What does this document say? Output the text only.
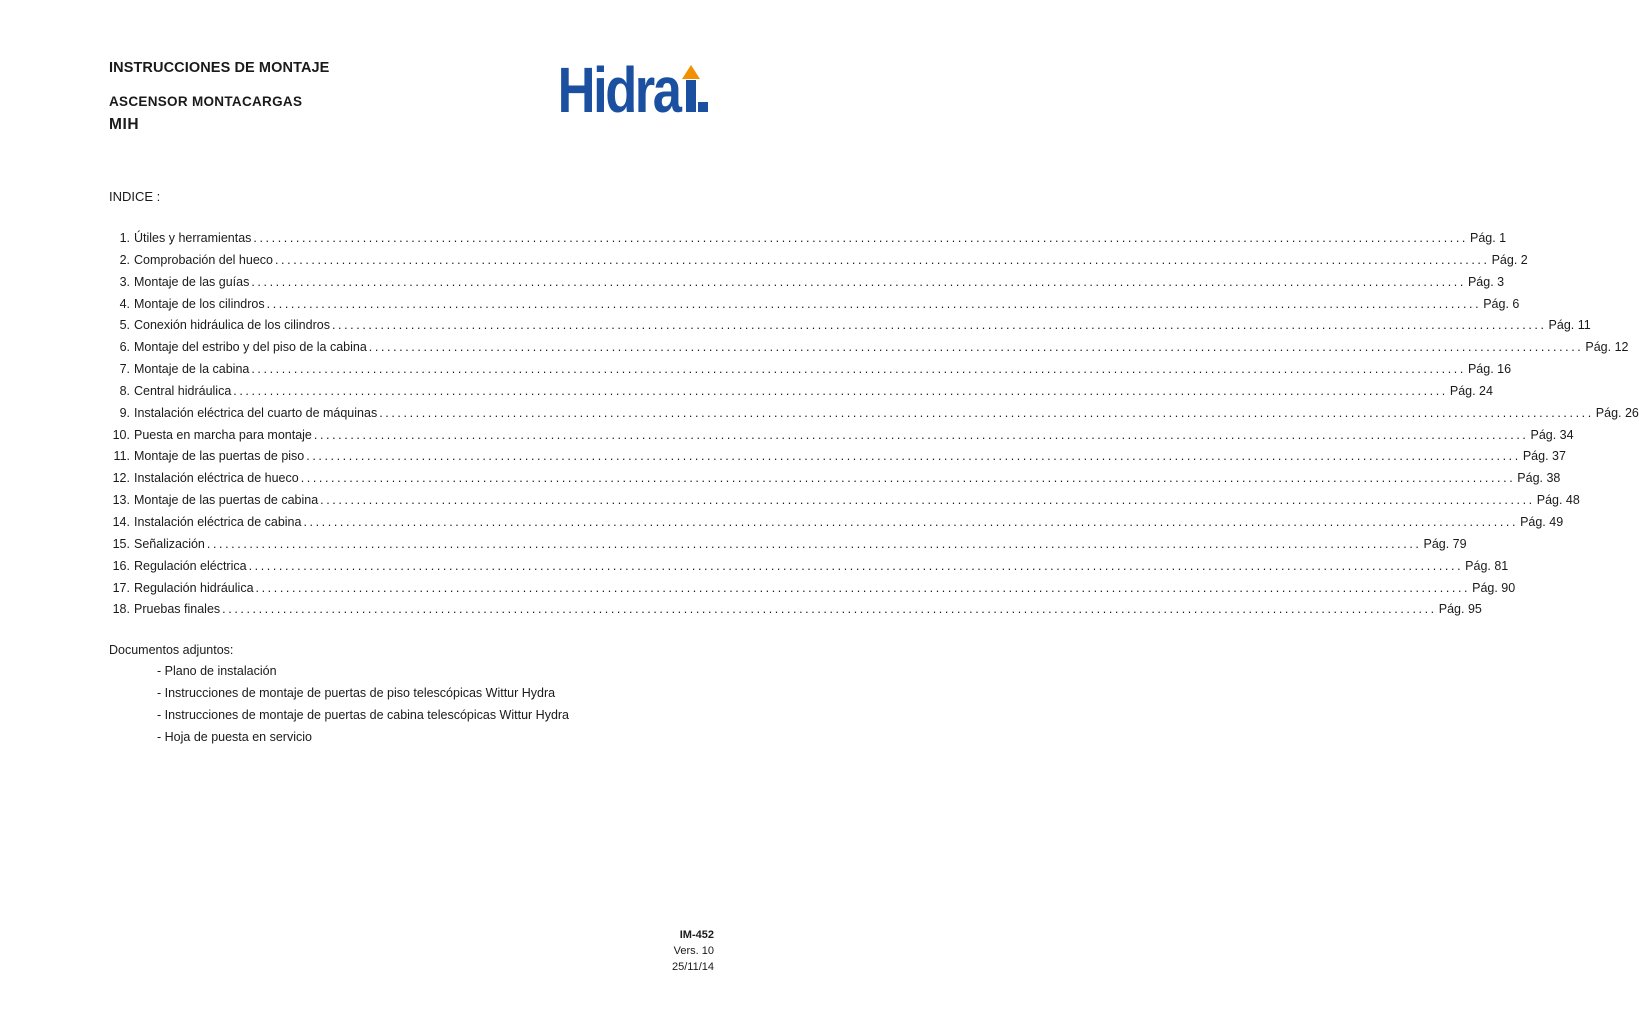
INSTRUCCIONES DE MONTAJE
ASCENSOR MONTACARGAS
MIH	Hidra
INDICE :
1. Útiles y herramientas ........................................................................................................................................................................................................ Pág. 1
2. Comprobación del hueco ........................................................................................................................................................................................................ Pág. 2
3. Montaje de las guías ........................................................................................................................................................................................................ Pág. 3
4. Montaje de los cilindros ........................................................................................................................................................................................................ Pág. 6
5. Conexión hidráulica de los cilindros ........................................................................................................................................................................................................ Pág. 11
6. Montaje del estribo y del piso de la cabina ........................................................................................................................................................................................................ Pág. 12
7. Montaje de la cabina ........................................................................................................................................................................................................ Pág. 16
8. Central hidráulica ........................................................................................................................................................................................................ Pág. 24
9. Instalación eléctrica del cuarto de máquinas ........................................................................................................................................................................................................ Pág. 26
10. Puesta en marcha para montaje ........................................................................................................................................................................................................ Pág. 34
11. Montaje de las puertas de piso ........................................................................................................................................................................................................ Pág. 37
12. Instalación eléctrica de hueco ........................................................................................................................................................................................................ Pág. 38
13. Montaje de las puertas de cabina ........................................................................................................................................................................................................ Pág. 48
14. Instalación eléctrica de cabina ........................................................................................................................................................................................................ Pág. 49
15. Señalización ........................................................................................................................................................................................................ Pág. 79
16. Regulación eléctrica ........................................................................................................................................................................................................ Pág. 81
17. Regulación hidráulica ........................................................................................................................................................................................................ Pág. 90
18. Pruebas finales ........................................................................................................................................................................................................ Pág. 95
Documentos adjuntos:
- Plano de instalación
- Instrucciones de montaje de puertas de piso telescópicas Wittur Hydra
- Instrucciones de montaje de puertas de cabina telescópicas Wittur Hydra
- Hoja de puesta en servicio
IM-452
Vers. 10
25/11/14
